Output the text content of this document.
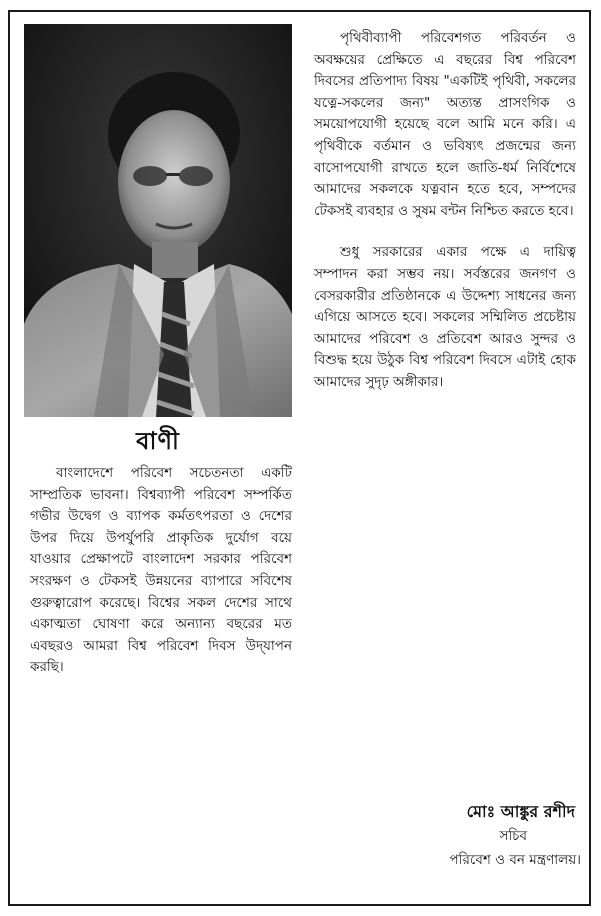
বাণী

বাংলাদেশে পরিবেশ সচেতনতা একটি সাম্প্রতিক ভাবনা। বিশ্বব্যাপী পরিবেশ সম্পর্কিত গভীর উদ্বেগ ও ব্যাপক কর্মতৎপরতা ও দেশের উপর দিয়ে উপর্যুপরি প্রাকৃতিক দুর্যোগ বয়ে যাওয়ার প্রেক্ষাপটে বাংলাদেশ সরকার পরিবেশ সংরক্ষণ ও টেকসই উন্নয়নের ব্যাপারে সবিশেষ গুরুত্বারোপ করেছে। বিশ্বের সকল দেশের সাথে একাত্মতা ঘোষণা করে অন্যান্য বছরের মত এবছরও আমরা বিশ্ব পরিবেশ দিবস উদ্‌যাপন করছি।

পৃথিবীব্যাপী পরিবেশগত পরিবর্তন ও অবক্ষয়ের প্রেক্ষিতে এ বছরের বিশ্ব পরিবেশ দিবসের প্রতিপাদ্য বিষয় "একটিই পৃথিবী, সকলের যত্নে-সকলের জন্য" অত্যন্ত প্রাসংগিক ও সময়োপযোগী হয়েছে বলে আমি মনে করি। এ পৃথিবীকে বর্তমান ও ভবিষ্যৎ প্রজন্মের জন্য বাসোপযোগী রাখতে হলে জাতি-ধর্ম নির্বিশেষে আমাদের সকলকে যত্নবান হতে হবে, সম্পদের টেকসই ব্যবহার ও সুষম বন্টন নিশ্চিত করতে হবে।

শুধু সরকারের একার পক্ষে এ দায়িত্ব সম্পাদন করা সম্ভব নয়। সর্বস্তরের জনগণ ও বেসরকারীর প্রতিষ্ঠানকে এ উদ্দেশ্য সাধনের জন্য এগিয়ে আসতে হবে। সকলের সম্মিলিত প্রচেষ্টায় আমাদের পরিবেশ ও প্রতিবেশ আরও সুন্দর ও বিশুদ্ধ হয়ে উঠুক বিশ্ব পরিবেশ দিবসে এটাই হোক আমাদের সুদৃঢ় অঙ্গীকার।

মোঃ আঙ্কুর রশীদ
সচিব
পরিবেশ ও বন মন্ত্রণালয়।
